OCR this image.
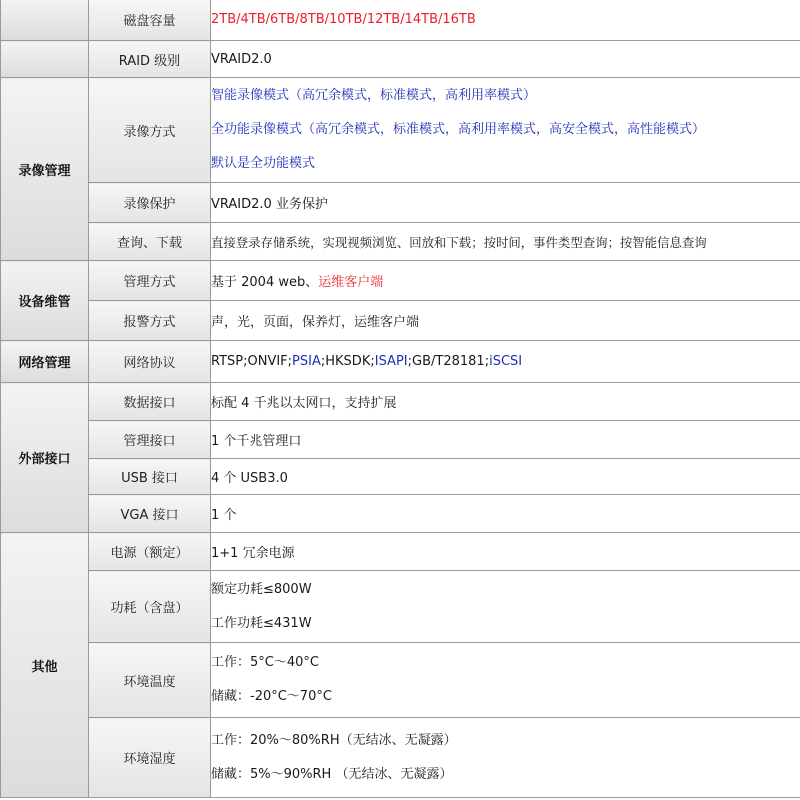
	磁盘容量	2TB/4TB/6TB/8TB/10TB/12TB/14TB/16TB
	RAID 级别	VRAID2.0
录像管理	录像方式	智能录像模式（高冗余模式，标准模式，高利用率模式）
全功能录像模式（高冗余模式，标准模式，高利用率模式，高安全模式，高性能模式）
默认是全功能模式

	录像保护	VRAID2.0 业务保护
	查询、下载	直接登录存储系统，实现视频浏览、回放和下载；按时间，事件类型查询；按智能信息查询
设备维管	管理方式	基于 2004 web、运维客户端
	报警方式	声，光，页面，保养灯，运维客户端
网络管理	网络协议	RTSP;ONVIF;PSIA;HKSDK;ISAPI;GB/T28181;iSCSI
外部接口	数据接口	标配 4 千兆以太网口，支持扩展
	管理接口	1 个千兆管理口
	USB 接口	4 个 USB3.0
	VGA 接口	1 个
其他	电源（额定）	1+1 冗余电源
	功耗（含盘）	额定功耗≤800W
工作功耗≤431W

	环境温度	工作：5°C～40°C
储藏：-20°C～70°C

	环境湿度	工作：20%～80%RH（无结冰、无凝露）
储藏：5%～90%RH （无结冰、无凝露）
